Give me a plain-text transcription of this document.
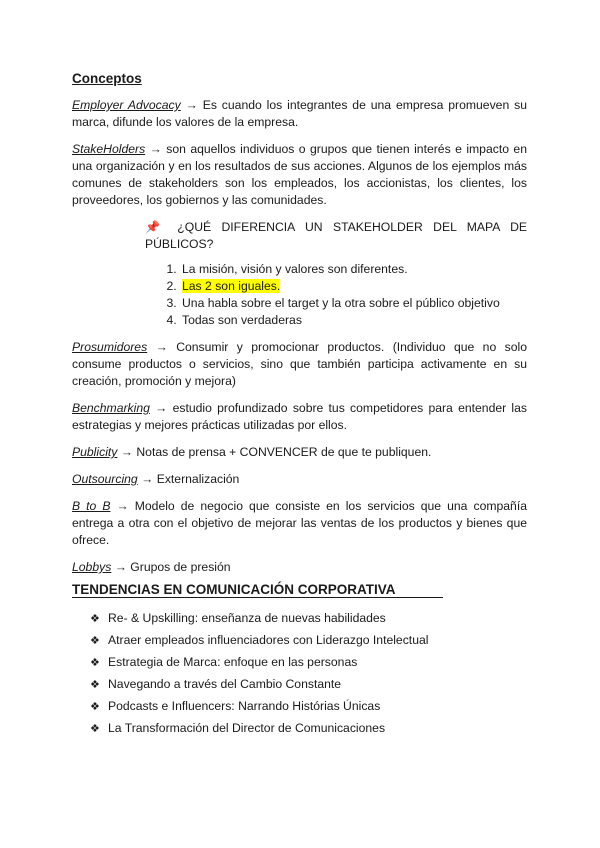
Conceptos

Employer Advocacy → Es cuando los integrantes de una empresa promueven su marca, difunde los valores de la empresa.

StakeHolders → son aquellos individuos o grupos que tienen interés e impacto en una organización y en los resultados de sus acciones. Algunos de los ejemplos más comunes de stakeholders son los empleados, los accionistas, los clientes, los proveedores, los gobiernos y las comunidades.

📌 ¿QUÉ DIFERENCIA UN STAKEHOLDER DEL MAPA DE PÚBLICOS?
1. La misión, visión y valores son diferentes.
2. Las 2 son iguales.
3. Una habla sobre el target y la otra sobre el público objetivo
4. Todas son verdaderas

Prosumidores → Consumir y promocionar productos. (Individuo que no solo consume productos o servicios, sino que también participa activamente en su creación, promoción y mejora)

Benchmarking → estudio profundizado sobre tus competidores para entender las estrategias y mejores prácticas utilizadas por ellos.

Publicity → Notas de prensa + CONVENCER de que te publiquen.

Outsourcing → Externalización

B to B → Modelo de negocio que consiste en los servicios que una compañía entrega a otra con el objetivo de mejorar las ventas de los productos y bienes que ofrece.

Lobbys → Grupos de presión

TENDENCIAS EN COMUNICACIÓN CORPORATIVA
❖ Re- & Upskilling: enseñanza de nuevas habilidades
❖ Atraer empleados influenciadores con Liderazgo Intelectual
❖ Estrategia de Marca: enfoque en las personas
❖ Navegando a través del Cambio Constante
❖ Podcasts e Influencers: Narrando Histórias Únicas
❖ La Transformación del Director de Comunicaciones
